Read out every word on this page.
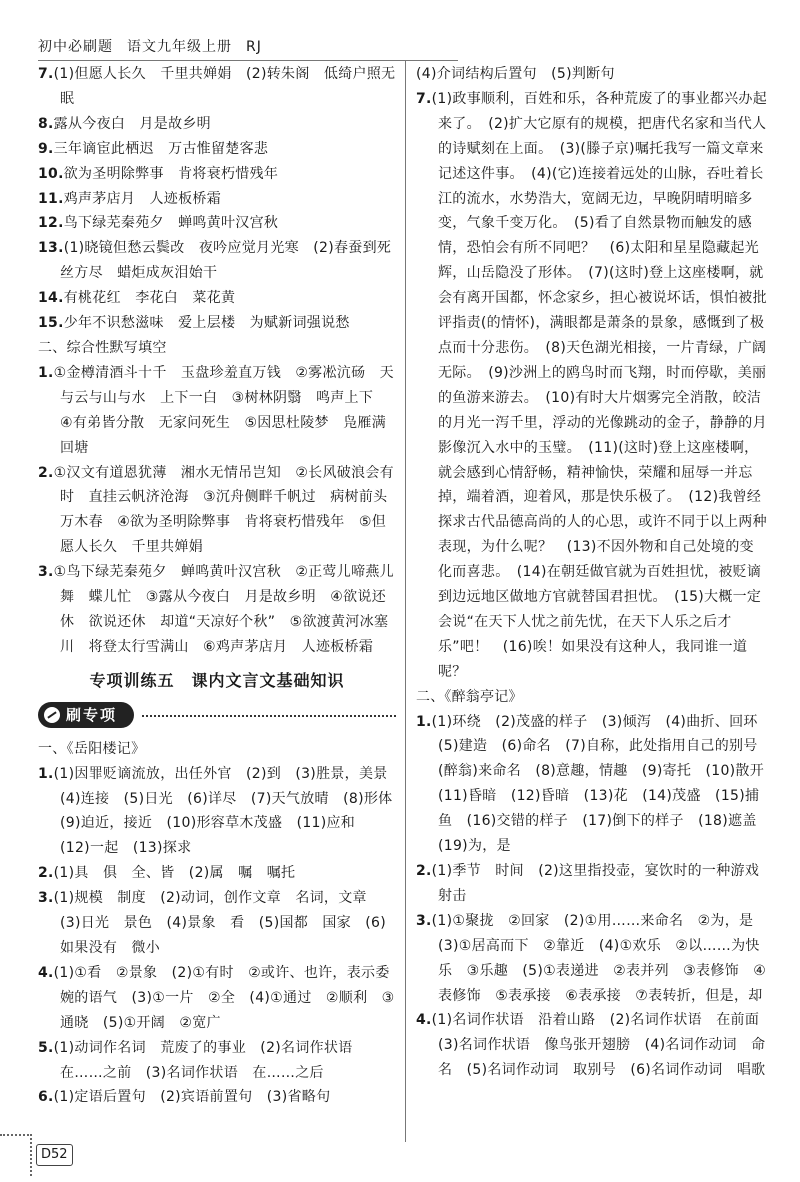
初中必刷题 语文九年级上册 RJ

7.(1)但愿人长久　千里共婵娟　(2)转朱阁　低绮户照无眠

8.露从今夜白　月是故乡明

9.三年谪宦此栖迟　万古惟留楚客悲

10.欲为圣明除弊事　肯将衰朽惜残年

11.鸡声茅店月　人迹板桥霜

12.鸟下绿芜秦苑夕　蝉鸣黄叶汉宫秋

13.(1)晓镜但愁云鬓改　夜吟应觉月光寒　(2)春蚕到死丝方尽　蜡炬成灰泪始干

14.有桃花红　李花白　菜花黄

15.少年不识愁滋味　爱上层楼　为赋新词强说愁

二、综合性默写填空

1.①金樽清酒斗十千　玉盘珍羞直万钱　②雾凇沆砀　天与云与山与水　上下一白　③树林阴翳　鸣声上下　④有弟皆分散　无家问死生　⑤因思杜陵梦　凫雁满回塘

2.①汉文有道恩犹薄　湘水无情吊岂知　②长风破浪会有时　直挂云帆济沧海　③沉舟侧畔千帆过　病树前头万木春　④欲为圣明除弊事　肯将衰朽惜残年　⑤但愿人长久　千里共婵娟

3.①鸟下绿芜秦苑夕　蝉鸣黄叶汉宫秋　②正莺儿啼燕儿舞　蝶儿忙　③露从今夜白　月是故乡明　④欲说还休　欲说还休　却道“天凉好个秋”　⑤欲渡黄河冰塞川　将登太行雪满山　⑥鸡声茅店月　人迹板桥霜

专项训练五　课内文言文基础知识
刷专项

一、《岳阳楼记》

1.(1)因罪贬谪流放，出任外官　(2)到　(3)胜景，美景　(4)连接　(5)日光　(6)详尽　(7)天气放晴　(8)形体　(9)迫近，接近　(10)形容草木茂盛　(11)应和　(12)一起　(13)探求

2.(1)具　俱　全、皆　(2)属　嘱　嘱托

3.(1)规模　制度　(2)动词，创作文章　名词，文章　(3)日光　景色　(4)景象　看　(5)国都　国家　(6)如果没有　微小

4.(1)①看　②景象　(2)①有时　②或许、也许，表示委婉的语气　(3)①一片　②全　(4)①通过　②顺利　③通晓　(5)①开阔　②宽广

5.(1)动词作名词　荒废了的事业　(2)名词作状语　在……之前　(3)名词作状语　在……之后

6.(1)定语后置句　(2)宾语前置句　(3)省略句

(4)介词结构后置句　(5)判断句

7.(1)政事顺利，百姓和乐，各种荒废了的事业都兴办起来了。　(2)扩大它原有的规模，把唐代名家和当代人的诗赋刻在上面。　(3)(滕子京)嘱托我写一篇文章来记述这件事。　(4)(它)连接着远处的山脉，吞吐着长江的流水，水势浩大，宽阔无边，早晚阴晴明暗多变，气象千变万化。　(5)看了自然景物而触发的感情，恐怕会有所不同吧？　(6)太阳和星星隐藏起光辉，山岳隐没了形体。　(7)(这时)登上这座楼啊，就会有离开国都，怀念家乡，担心被说坏话，惧怕被批评指责(的情怀)，满眼都是萧条的景象，感慨到了极点而十分悲伤。　(8)天色湖光相接，一片青绿，广阔无际。　(9)沙洲上的鸥鸟时而飞翔，时而停歇，美丽的鱼游来游去。　(10)有时大片烟雾完全消散，皎洁的月光一泻千里，浮动的光像跳动的金子，静静的月影像沉入水中的玉璧。　(11)(这时)登上这座楼啊，就会感到心情舒畅，精神愉快，荣耀和屈辱一并忘掉，端着酒，迎着风，那是快乐极了。　(12)我曾经探求古代品德高尚的人的心思，或许不同于以上两种表现，为什么呢？　(13)不因外物和自己处境的变化而喜悲。　(14)在朝廷做官就为百姓担忧，被贬谪到边远地区做地方官就替国君担忧。　(15)大概一定会说“在天下人忧之前先忧，在天下人乐之后才乐”吧！　(16)唉！如果没有这种人，我同谁一道呢？

二、《醉翁亭记》

1.(1)环绕　(2)茂盛的样子　(3)倾泻　(4)曲折、回环　(5)建造　(6)命名　(7)自称，此处指用自己的别号(醉翁)来命名　(8)意趣，情趣　(9)寄托　(10)散开　(11)昏暗　(12)昏暗　(13)花　(14)茂盛　(15)捕鱼　(16)交错的样子　(17)倒下的样子　(18)遮盖　(19)为，是

2.(1)季节　时间　(2)这里指投壶，宴饮时的一种游戏　射击

3.(1)①聚拢　②回家　(2)①用……来命名　②为，是　(3)①居高而下　②靠近　(4)①欢乐　②以……为快乐　③乐趣　(5)①表递进　②表并列　③表修饰　④表修饰　⑤表承接　⑥表承接　⑦表转折，但是，却

4.(1)名词作状语　沿着山路　(2)名词作状语　在前面　(3)名词作状语　像鸟张开翅膀　(4)名词作动词　命名　(5)名词作动词　取别号　(6)名词作动词　唱歌

D52
